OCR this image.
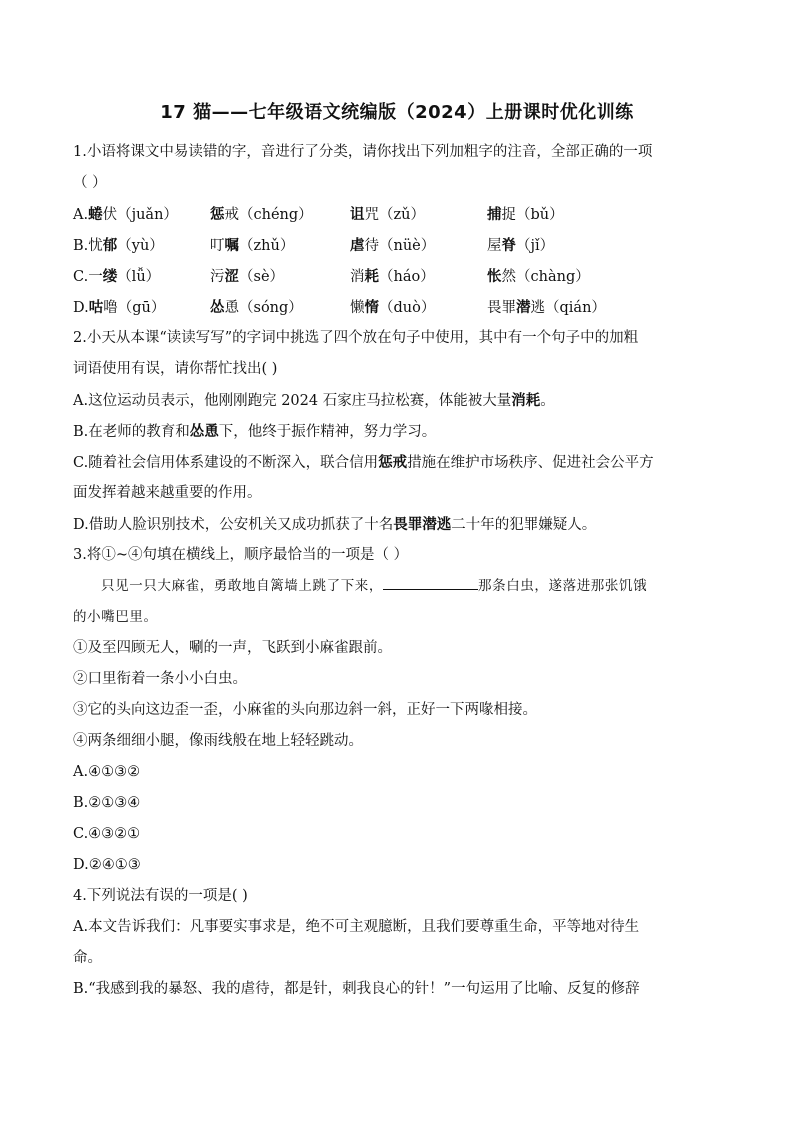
17 猫——七年级语文统编版（2024）上册课时优化训练
1.小语将课文中易读错的字，音进行了分类，请你找出下列加粗字的注音，全部正确的一项
（ ）
A.蜷伏（juǎn）	惩戒（chéng）	诅咒（zǔ）	捕捉（bǔ）
B.忧郁（yù）	叮嘱（zhǔ）	虐待（nüè）	屋脊（jǐ）
C.一缕（lǚ）	污涩（sè）	消耗（háo）	怅然（chàng）
D.咕噜（gū）	怂恿（sóng）	懒惰（duò）	畏罪潜逃（qián）
2.小天从本课“读读写写”的字词中挑选了四个放在句子中使用，其中有一个句子中的加粗
词语使用有误，请你帮忙找出( )
A.这位运动员表示，他刚刚跑完 2024 石家庄马拉松赛，体能被大量消耗。
B.在老师的教育和怂恿下，他终于振作精神，努力学习。
C.随着社会信用体系建设的不断深入，联合信用惩戒措施在维护市场秩序、促进社会公平方
面发挥着越来越重要的作用。
D.借助人脸识别技术，公安机关又成功抓获了十名畏罪潜逃二十年的犯罪嫌疑人。
3.将①~④句填在横线上，顺序最恰当的一项是（ ）
只见一只大麻雀，勇敢地自篱墙上跳了下来，	那条白虫，遂落进那张饥饿
的小嘴巴里。
①及至四顾无人，唰的一声，飞跃到小麻雀跟前。
②口里衔着一条小小白虫。
③它的头向这边歪一歪，小麻雀的头向那边斜一斜，正好一下两喙相接。
④两条细细小腿，像雨线般在地上轻轻跳动。
A.④①③②
B.②①③④
C.④③②①
D.②④①③
4.下列说法有误的一项是( )
A.本文告诉我们：凡事要实事求是，绝不可主观臆断，且我们要尊重生命，平等地对待生
命。
B.“我感到我的暴怒、我的虐待，都是针，刺我良心的针！”一句运用了比喻、反复的修辞
